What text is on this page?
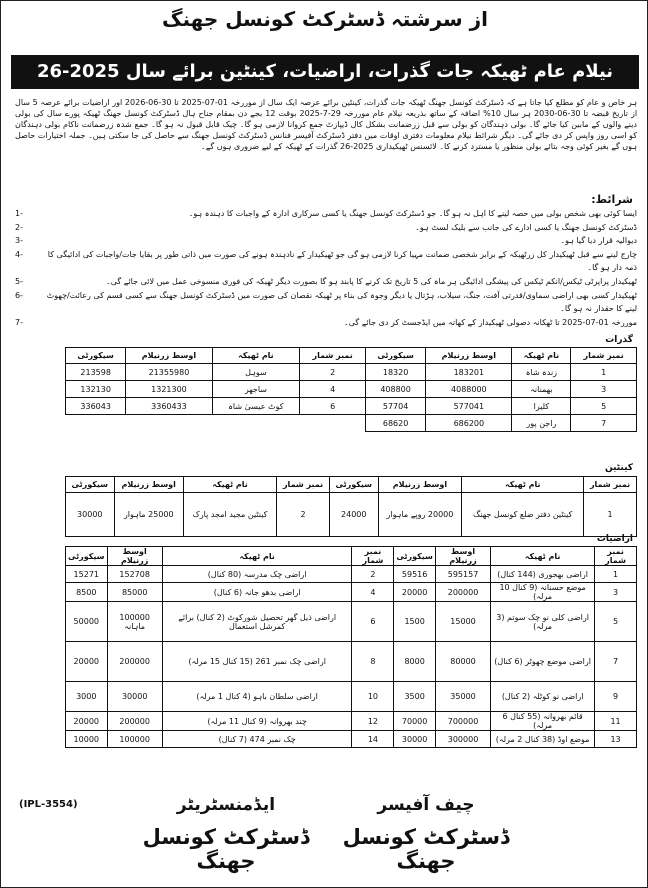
از سرشتہ ڈسٹرکٹ کونسل جھنگ
نیلام عام ٹھیکہ جات گذرات، اراضیات، کینٹین برائے سال 2025-26
ہر خاص و عام کو مطلع کیا جاتا ہے کہ ڈسٹرکٹ کونسل جھنگ ٹھیکہ جات گذرات، کینٹین برائے عرصہ ایک سال از موررخہ 01-07-2025 تا 30-06-2026 اور اراضیات برائے عرصہ 5 سال از تاریخ قبضہ تا 30-06-2030 ہر سال 10% اضافہ کے ساتھ بذریعہ نیلام عام موررخہ 29-7-2025 بوقت 12 بجے دن بمقام جناح ہال ڈسٹرکٹ کونسل جھنگ ٹھیکہ پورے سال کی بولی دینے والوں کے مابین کیا جائے گا۔ بولی دہندگان کو بولی سے قبل زرضمانت بشکل کال ڈیپازٹ جمع کروانا لازمی ہو گا۔ چیک قابل قبول نہ ہو گا۔ جمع شدہ زرضمانت ناکام بولی دہندگان کو اسی روز واپس کر دی جائے گی۔ دیگر شرائط نیلام معلومات دفتری اوقات میں دفتر ڈسٹرکٹ آفیسر فنانس ڈسٹرکٹ کونسل جھنگ سے حاصل کی جا سکتی ہیں۔ جملہ اختیارات حاصل ہوں گے بغیر کوئی وجہ بتائے بولی منظور یا مسترد کرنے کا۔ لائسنس ٹھیکیداری 2025-26 گذرات کے ٹھیکہ کے لیے ضروری ہوں گے۔
شرائط:
ایسا کوئی بھی شخص بولی میں حصہ لینے کا اہل نہ ہو گا۔ جو ڈسٹرکٹ کونسل جھنگ یا کسی سرکاری ادارہ کے واجبات کا دہندہ ہو۔
1-
ڈسٹرکٹ کونسل جھنگ یا کسی ادارے کی جانب سے بلیک لسٹ ہو۔
2-
دیوالیہ قرار دیا گیا ہو۔
3-
چارج لینے سے قبل ٹھیکیدار کل زرٹھیکہ کے برابر شخصی ضمانت مہیا کرنا لازمی ہو گی جو ٹھیکیدار کے نادہندہ ہونے کی صورت میں ذاتی طور پر بقایا جات/واجبات کی ادائیگی کا ذمہ دار ہو گا۔
4-
ٹھیکیدار پراپرٹی ٹیکس/انکم ٹیکس کی پیشگی ادائیگی ہر ماہ کی 5 تاریخ تک کرنے کا پابند ہو گا بصورت دیگر ٹھیکہ کی فوری منسوخی عمل میں لائی جائے گی۔
5-
ٹھیکیدار کسی بھی اراضی سماوی/قدرتی آفت، جنگ، سیلاب، ہڑتال یا دیگر وجوہ کی بناء پر ٹھیکہ نقصان کی صورت میں ڈسٹرکٹ کونسل جھنگ سے کسی قسم کی رعائت/چھوٹ لینے کا حقدار نہ ہو گا۔
6-
موررخہ 01-07-2025 تا ٹھکانہ دصولی ٹھیکیدار کے کھاتہ میں ایڈجسٹ کر دی جائے گی۔
7-
گذرات
نمبر شمار	نام ٹھیکہ	اوسط زرنیلام	سیکورٹی	نمبر شمار	نام ٹھیکہ	اوسط زرنیلام	سیکورٹی
1	زندہ شاہ	183201	18320	2	سوہل	21355980	213598
3	بھمنانہ	4088000	408800	4	ساجھر	1321300	132130
5	کلیرا	577041	57704	6	کوٹ عیسیٰ شاہ	3360433	336043
7	راجن پور	686200	68620				
کینٹین
نمبر شمار	نام ٹھیکہ	اوسط زرنیلام	سیکورٹی	نمبر شمار	نام ٹھیکہ	اوسط زرنیلام	سیکورٹی
1	کینٹین دفتر ضلع کونسل جھنگ	20000 روپے ماہوار	24000	2	کینٹین مجید امجد پارک	25000 ماہوار	30000
اراضیات
نمبر شمار	نام ٹھیکہ	اوسط زرنیلام	سیکورٹی	نمبر شمار	نام ٹھیکہ	اوسط زرنیلام	سیکورٹی
1	اراضی بھجوری (144 کنال)	595157	59516	2	اراضی چک مدرسہ (80 کنال)	152708	15271
3	موضع حسنانہ (9 کنال 10 مرلہ)	200000	20000	4	اراضی بدھو جانہ (6 کنال)	85000	8500
5	اراضی کلی نو چک سوتم (3 مرلہ)	15000	1500	6	اراضی ذیل گھر تحصیل شورکوٹ (2 کنال) برائے کمرشل استعمال	100000 ماہانہ	50000
7	اراضی موضع چھوٹر (6 کنال)	80000	8000	8	اراضی چک نمبر 261 (15 کنال 15 مرلہ)	200000	20000
9	اراضی نو کوٹلہ (2 کنال)	35000	3500	10	اراضی سلطان باہو (4 کنال 1 مرلہ)	30000	3000
11	قائم بھروانہ (55 کنال 6 مرلہ)	700000	70000	12	چند بھروانہ (9 کنال 11 مرلہ)	200000	20000
13	موضع اوڈ (38 کنال 2 مرلہ)	300000	30000	14	چک نمبر 474 (7 کنال)	100000	10000
(IPL-3554)	ایڈمنسٹریٹر
ڈسٹرکٹ کونسل جھنگ
چیف آفیسر
ڈسٹرکٹ کونسل جھنگ
